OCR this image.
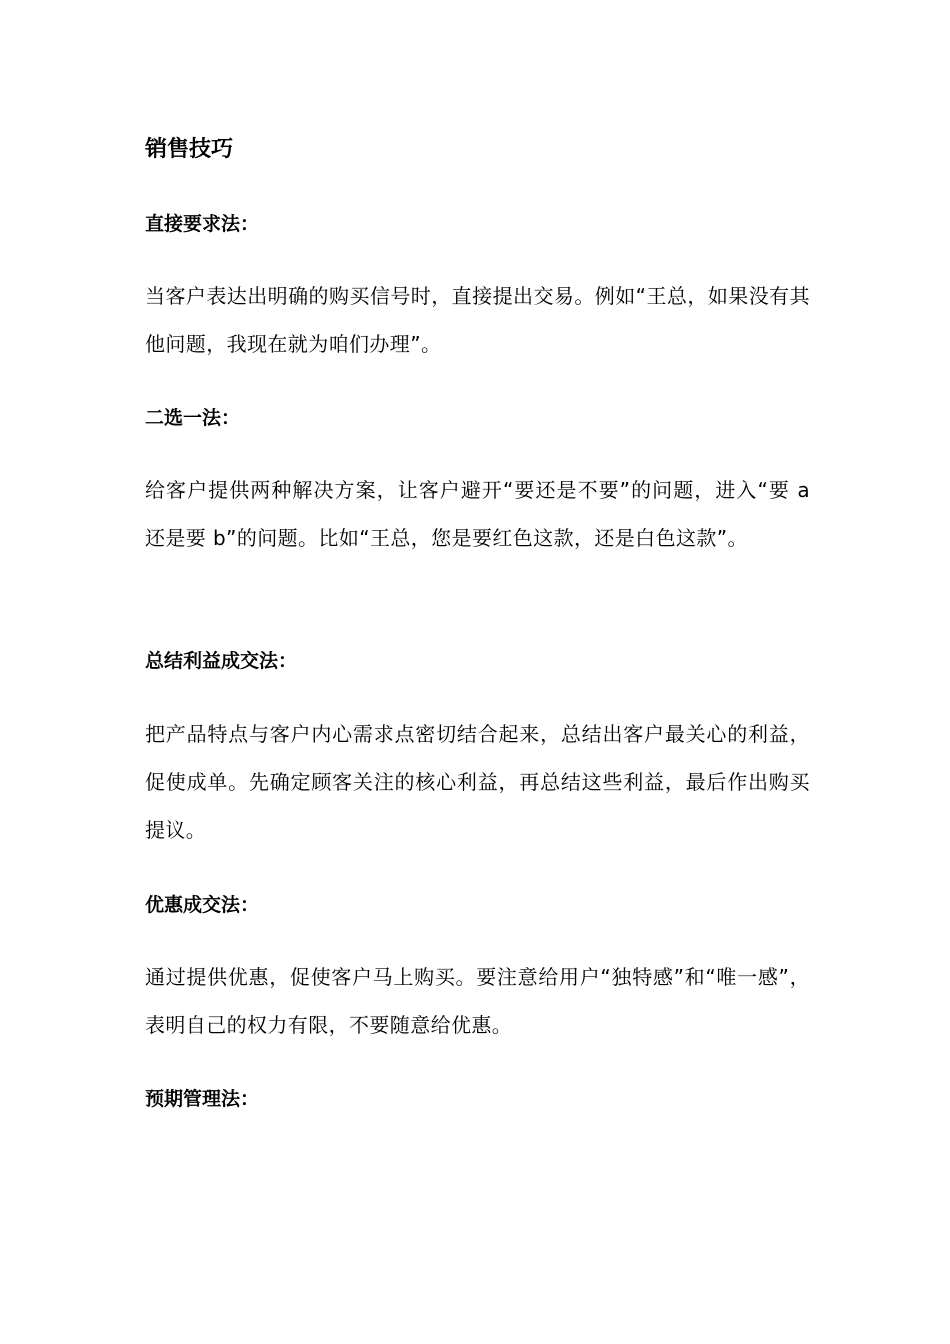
销售技巧
直接要求法：
当客户表达出明确的购买信号时，直接提出交易。例如“王总，如果没有其他问题，我现在就为咱们办理”。
二选一法：
给客户提供两种解决方案，让客户避开“要还是不要”的问题，进入“要 a 还是要 b”的问题。比如“王总，您是要红色这款，还是白色这款”。
总结利益成交法：
把产品特点与客户内心需求点密切结合起来，总结出客户最关心的利益，促使成单。先确定顾客关注的核心利益，再总结这些利益，最后作出购买提议。
优惠成交法：
通过提供优惠，促使客户马上购买。要注意给用户“独特感”和“唯一感”，表明自己的权力有限，不要随意给优惠。
预期管理法：
